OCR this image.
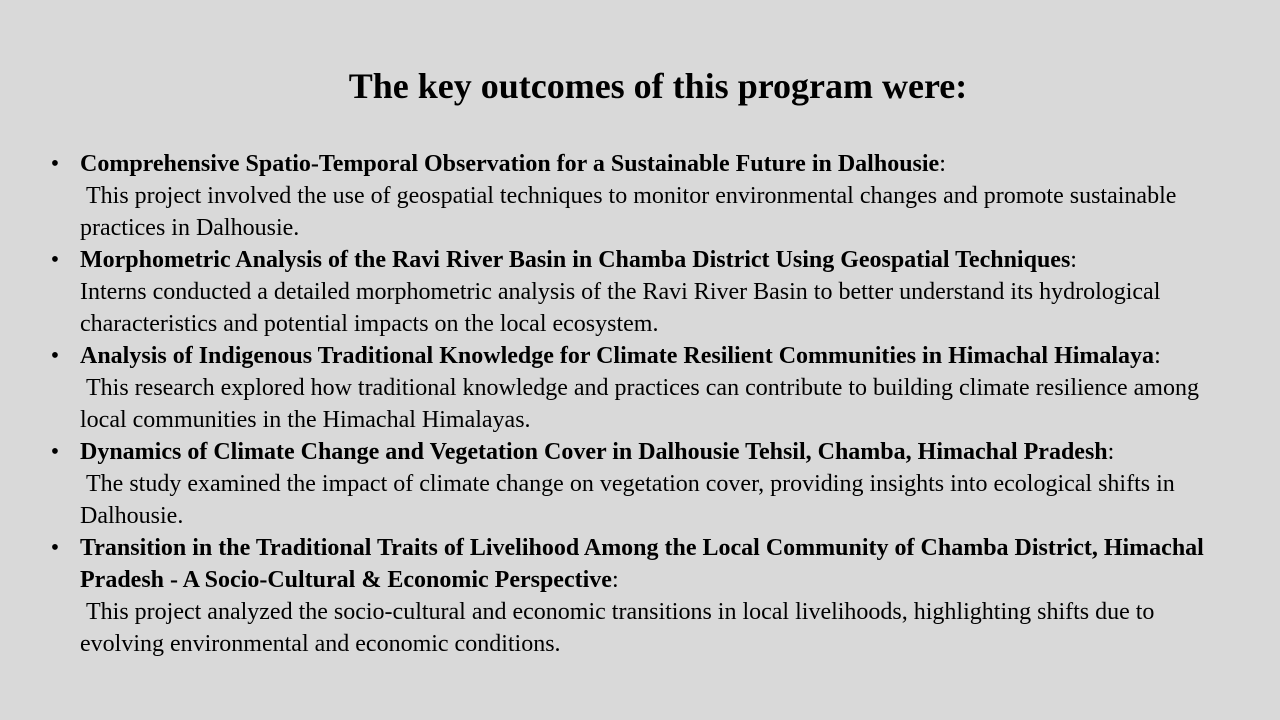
The key outcomes of this program were:
• Comprehensive Spatio-Temporal Observation for a Sustainable Future in Dalhousie:
This project involved the use of geospatial techniques to monitor environmental changes and promote sustainable practices in Dalhousie.
• Morphometric Analysis of the Ravi River Basin in Chamba District Using Geospatial Techniques:
Interns conducted a detailed morphometric analysis of the Ravi River Basin to better understand its hydrological characteristics and potential impacts on the local ecosystem.
• Analysis of Indigenous Traditional Knowledge for Climate Resilient Communities in Himachal Himalaya:
This research explored how traditional knowledge and practices can contribute to building climate resilience among local communities in the Himachal Himalayas.
• Dynamics of Climate Change and Vegetation Cover in Dalhousie Tehsil, Chamba, Himachal Pradesh:
The study examined the impact of climate change on vegetation cover, providing insights into ecological shifts in Dalhousie.
• Transition in the Traditional Traits of Livelihood Among the Local Community of Chamba District, Himachal Pradesh - A Socio-Cultural & Economic Perspective:
This project analyzed the socio-cultural and economic transitions in local livelihoods, highlighting shifts due to evolving environmental and economic conditions.
